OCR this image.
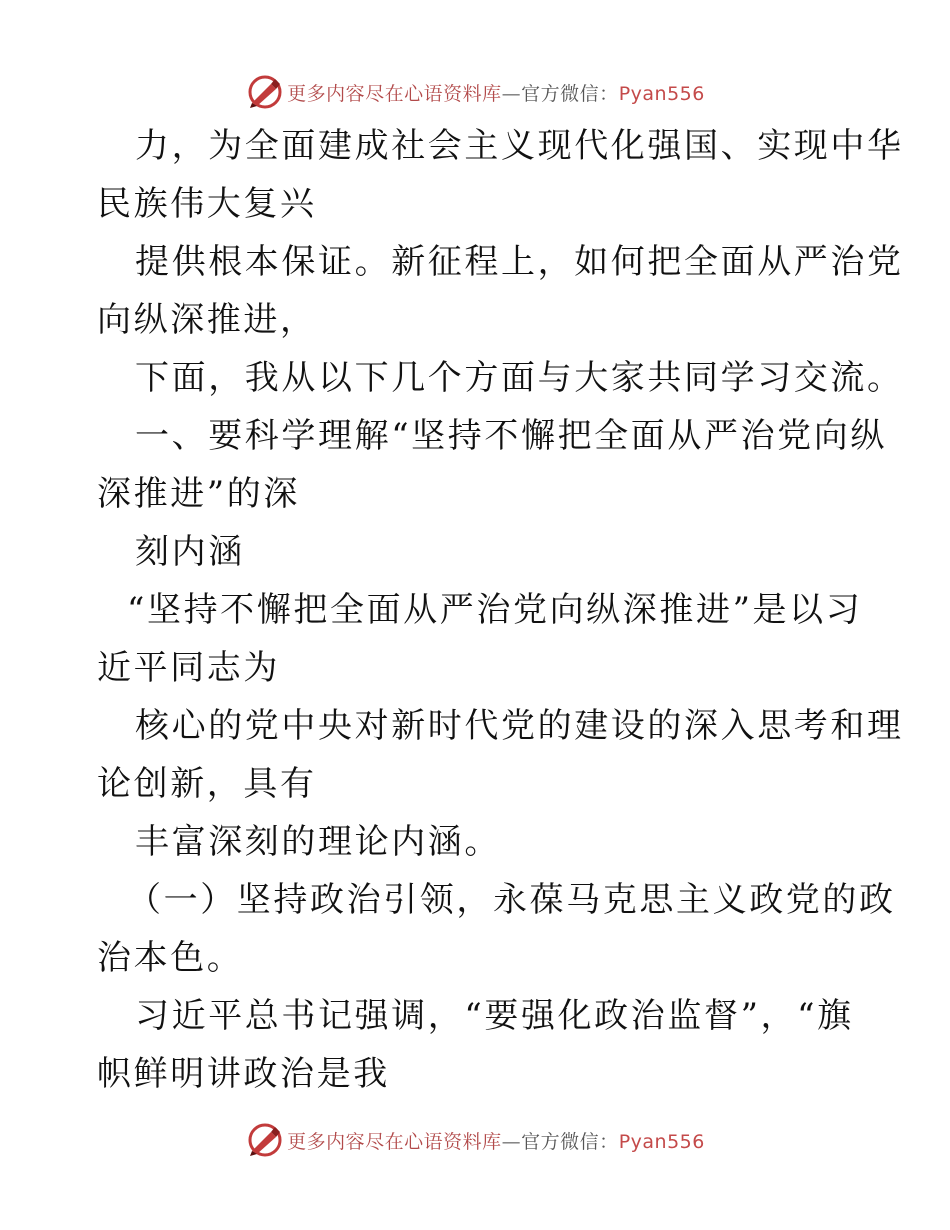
更多内容尽在心语资料库—官方微信：Pyan556
力，为全面建成社会主义现代化强国、实现中华
民族伟大复兴
提供根本保证。新征程上，如何把全面从严治党
向纵深推进，
下面，我从以下几个方面与大家共同学习交流。
一、要科学理解“坚持不懈把全面从严治党向纵
深推进”的深
刻内涵
“坚持不懈把全面从严治党向纵深推进”是以习
近平同志为
核心的党中央对新时代党的建设的深入思考和理
论创新，具有
丰富深刻的理论内涵。
（一）坚持政治引领，永葆马克思主义政党的政
治本色。
习近平总书记强调，“要强化政治监督”，“旗
帜鲜明讲政治是我
更多内容尽在心语资料库—官方微信：Pyan556
